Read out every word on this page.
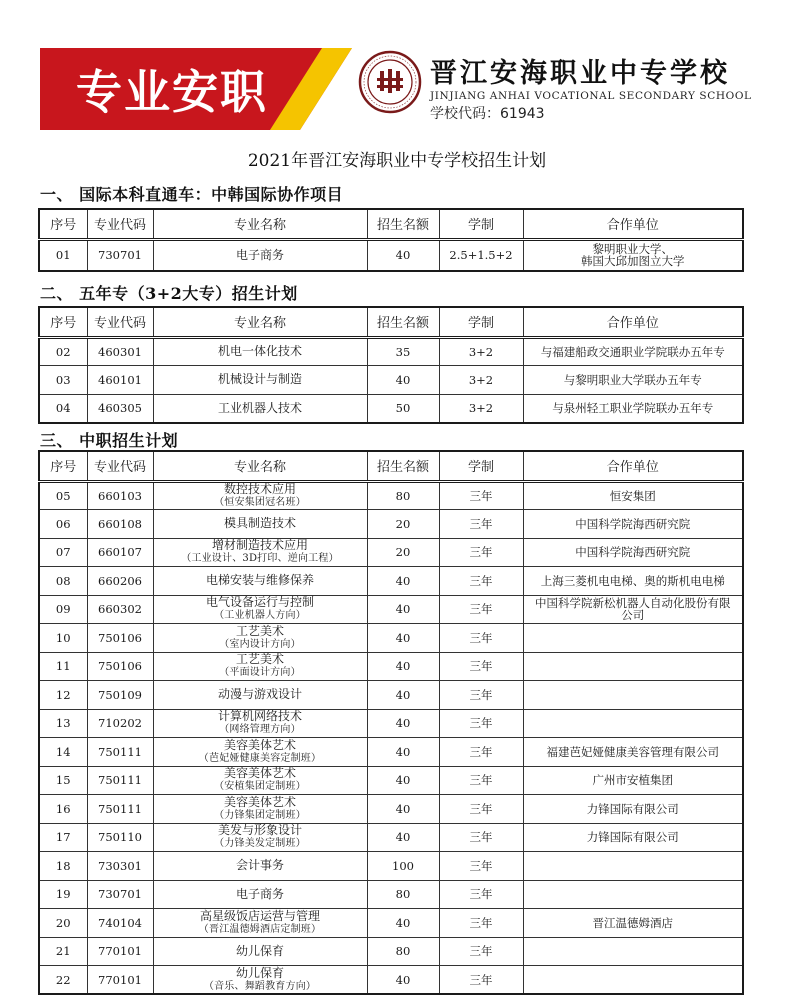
专业安职	晋江安海职业中专学校
JINJIANG ANHAI VOCATIONAL SECONDARY SCHOOL
学校代码：61943
2021年晋江安海职业中专学校招生计划
一、 国际本科直通车：中韩国际协作项目
序号	专业代码	专业名称	招生名额	学制	合作单位
01	730701	电子商务	40	2.5+1.5+2	黎明职业大学、
韩国大邱加图立大学
二、 五年专（3+2大专）招生计划
序号	专业代码	专业名称	招生名额	学制	合作单位
02	460301	机电一体化技术	35	3+2	与福建船政交通职业学院联办五年专

03	460101	机械设计与制造	40	3+2	与黎明职业大学联办五年专

04	460305	工业机器人技术	50	3+2	与泉州轻工职业学院联办五年专
三、 中职招生计划
序号	专业代码	专业名称	招生名额	学制	合作单位
05	660103	数控技术应用
（恒安集团冠名班）	80	三年	恒安集团

06	660108	模具制造技术	20	三年	中国科学院海西研究院

07	660107	增材制造技术应用
（工业设计、3D打印、逆向工程）	20	三年	中国科学院海西研究院

08	660206	电梯安装与维修保养	40	三年	上海三菱机电电梯、奥的斯机电电梯

09	660302	电气设备运行与控制
（工业机器人方向）	40	三年	中国科学院新松机器人自动化股份有限
公司

10	750106	工艺美术
（室内设计方向）	40	三年	
11	750106	工艺美术
（平面设计方向）	40	三年	
12	750109	动漫与游戏设计	40	三年	
13	710202	计算机网络技术
（网络管理方向）	40	三年	
14	750111	美容美体艺术
（芭妃娅健康美容定制班）	40	三年	福建芭妃娅健康美容管理有限公司

15	750111	美容美体艺术
（安植集团定制班）	40	三年	广州市安植集团

16	750111	美容美体艺术
（力锋集团定制班）	40	三年	力锋国际有限公司

17	750110	美发与形象设计
（力锋美发定制班）	40	三年	力锋国际有限公司

18	730301	会计事务	100	三年	
19	730701	电子商务	80	三年	
20	740104	高星级饭店运营与管理
（晋江温德姆酒店定制班）	40	三年	晋江温德姆酒店

21	770101	幼儿保育	80	三年	
22	770101	幼儿保育
（音乐、舞蹈教育方向）	40	三年	
